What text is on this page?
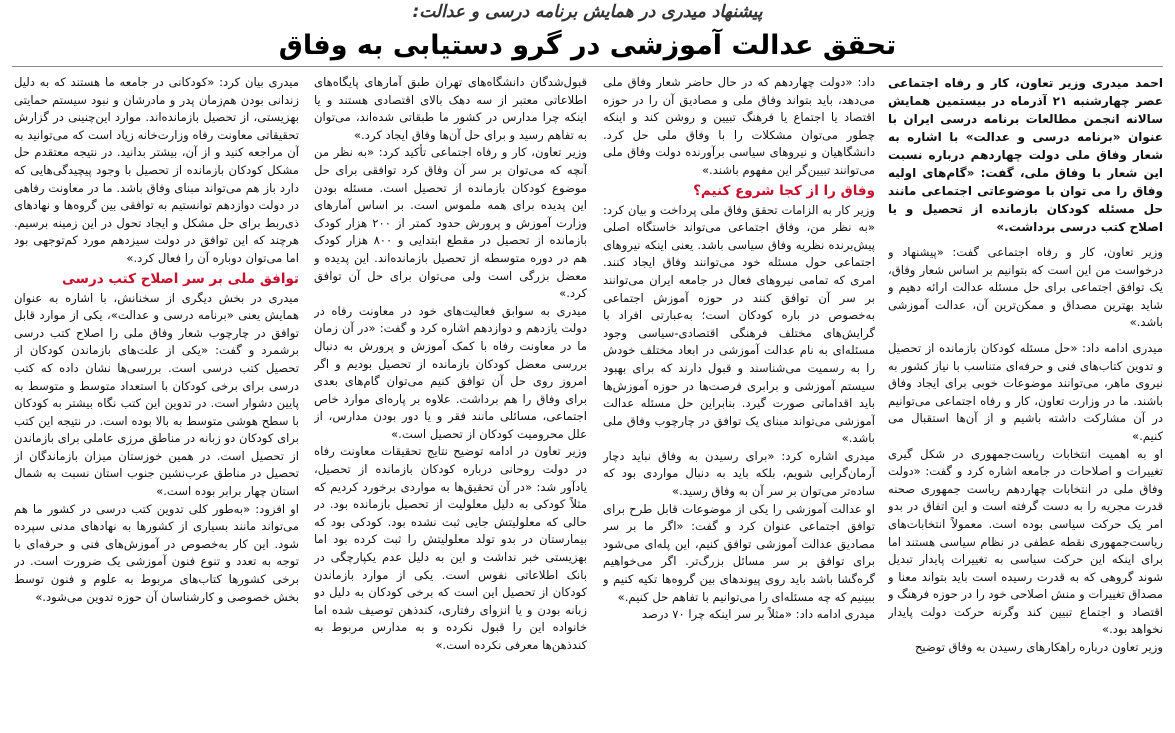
پیشنهاد میدری در همایش برنامه درسی و عدالت:
تحقق عدالت آموزشی در گرو دستیابی به وفاق

احمد میدری وزیر تعاون، کار و رفاه اجتماعی عصر چهارشنبه ۲۱ آذرماه در بیستمین همایش سالانه انجمن مطالعات برنامه درسی ایران با عنوان «برنامه درسی و عدالت» با اشاره به شعار وفاق ملی دولت چهاردهم درباره نسبت این شعار با وفاق ملی، گفت: «گام‌های اولیه وفاق را می توان با موضوعاتی اجتماعی مانند حل مسئله کودکان بازمانده از تحصیل و یا اصلاح کتب درسی برداشت.»

وزیر تعاون، کار و رفاه اجتماعی گفت: «پیشنهاد و درخواست من این است که بتوانیم بر اساس شعار وفاق، یک توافق اجتماعی برای حل مسئله عدالت ارائه دهیم و شاید بهترین مصداق و ممکن‌ترین آن، عدالت آموزشی باشد.»

میدری ادامه داد: «حل مسئله کودکان بازمانده از تحصیل و تدوین کتاب‌های فنی و حرفه‌ای متناسب با نیاز کشور به نیروی ماهر، می‌توانند موضوعات خوبی برای ایجاد وفاق باشند. ما در وزارت تعاون، کار و رفاه اجتماعی می‌توانیم در آن مشارکت داشته باشیم و از آن‌ها استقبال می کنیم.»

او به اهمیت انتخابات ریاست‌جمهوری در شکل گیری تغییرات و اصلاحات در جامعه اشاره کرد و گفت: «دولت وفاق ملی در انتخابات چهاردهم ریاست جمهوری صحنه قدرت مجریه را به دست گرفته است و این اتفاق در بدو امر یک حرکت سیاسی بوده است. معمولاً انتخابات‌های ریاست‌جمهوری نقطه عطفی در نظام سیاسی هستند اما برای اینکه این حرکت سیاسی به تغییرات پایدار تبدیل شوند گروهی که به قدرت رسیده است باید بتواند معنا و مصداق تغییرات و منش اصلاحی خود را در حوزه فرهنگ و اقتصاد و اجتماع تبیین کند وگرنه حرکت دولت پایدار نخواهد بود.»

وزیر تعاون درباره راهکارهای رسیدن به وفاق توضیح

داد: «دولت چهاردهم که در حال حاضر شعار وفاق ملی می‌دهد، باید بتواند وفاق ملی و مصادیق آن را در حوزه اقتصاد یا اجتماع یا فرهنگ تبیین و روشن کند و اینکه چطور می‌توان مشکلات را با وفاق ملی حل کرد. دانشگاهیان و نیروهای سیاسی برآورنده دولت وفاق ملی می‌توانند تبیین‌گر این مفهوم باشند.»

وفاق را از کجا شروع کنیم؟

وزیر کار به الزامات تحقق وفاق ملی پرداخت و بیان کرد: «به نظر من، وفاق اجتماعی می‌تواند خاستگاه اصلی پیش‌برنده نظریه وفاق سیاسی باشد. یعنی اینکه نیروهای اجتماعی حول مسئله خود می‌توانند وفاق ایجاد کنند. امری که تمامی نیروهای فعال در جامعه ایران می‌توانند بر سر آن توافق کنند در حوزه آموزش اجتماعی به‌خصوص در باره کودکان است؛ به‌عبارتی افراد با گرایش‌های مختلف فرهنگی اقتصادی-سیاسی وجود مسئله‌ای به نام عدالت آموزشی در ابعاد مختلف خودش را به رسمیت می‌شناسند و قبول دارند که برای بهبود سیستم آموزشی و برابری فرصت‌ها در حوزه آموزش‌ها باید اقداماتی صورت گیرد. بنابراین حل مسئله عدالت آموزشی می‌تواند مبنای یک توافق در چارچوب وفاق ملی باشد.»

میدری اشاره کرد: «برای رسیدن به وفاق نباید دچار آرمان‌گرایی شویم، بلکه باید به دنبال مواردی بود که ساده‌تر می‌توان بر سر آن به وفاق رسید.»

او عدالت آموزشی را یکی از موضوعات قابل طرح برای توافق اجتماعی عنوان کرد و گفت: «اگر ما بر سر مصادیق عدالت آموزشی توافق کنیم، این پله‌ای می‌شود برای توافق بر سر مسائل بزرگ‌تر. اگر می‌خواهیم گره‌گشا باشد باید روی پیوندهای بین گروه‌ها تکیه کنیم و ببینیم که چه مسئله‌ای را می‌توانیم با تفاهم حل کنیم.»

میدری ادامه داد: «مثلاً بر سر اینکه چرا ۷۰ درصد

قبول‌شدگان دانشگاه‌های تهران طبق آمارهای پایگاه‌های اطلاعاتی معتبر از سه دهک بالای اقتصادی هستند و یا اینکه چرا مدارس در کشور ما طبقاتی شده‌اند، می‌توان به تفاهم رسید و برای حل آن‌ها وفاق ایجاد کرد.»

وزیر تعاون، کار و رفاه اجتماعی تأکید کرد: «به نظر من آنچه که می‌توان بر سر آن وفاق کرد توافقی برای حل موضوع کودکان بازمانده از تحصیل است. مسئله بودن این پدیده برای همه ملموس است. بر اساس آمارهای وزارت آموزش و پرورش حدود کمتر از ۲۰۰ هزار کودک بازمانده از تحصیل در مقطع ابتدایی و ۸۰۰ هزار کودک هم در دوره متوسطه از تحصیل بازمانده‌اند. این پدیده و معضل بزرگی است ولی می‌توان برای حل آن توافق کرد.»

میدری به سوابق فعالیت‌های خود در معاونت رفاه در دولت یازدهم و دوازدهم اشاره کرد و گفت: «در آن زمان ما در معاونت رفاه با کمک آموزش و پرورش به دنبال بررسی معضل کودکان بازمانده از تحصیل بودیم و اگر امروز روی حل آن توافق کنیم می‌توان گام‌های بعدی برای وفاق را هم برداشت. علاوه بر پاره‌ای موارد خاص اجتماعی، مسائلی مانند فقر و یا دور بودن مدارس، از علل محرومیت کودکان از تحصیل است.»

وزیر تعاون در ادامه توضیح نتایج تحقیقات معاونت رفاه در دولت روحانی درباره کودکان بازمانده از تحصیل، یادآور شد: «در آن تحقیق‌ها به مواردی برخورد کردیم که مثلاً کودکی به دلیل معلولیت از تحصیل بازمانده بود. در حالی که معلولیتش جایی ثبت نشده بود. کودکی بود که بیمارستان در بدو تولد معلولیتش را ثبت کرده بود اما بهزیستی خبر نداشت و این به دلیل عدم یکپارچگی در بانک اطلاعاتی نفوس است. یکی از موارد بازماندن کودکان از تحصیل این است که برخی کودکان به دلیل دو زبانه بودن و یا انزوای رفتاری، کندذهن توصیف شده اما خانواده این را قبول نکرده و به مدارس مربوط به کندذهن‌ها معرفی نکرده است.»

میدری بیان کرد: «کودکانی در جامعه ما هستند که به دلیل زندانی بودن هم‌زمان پدر و مادرشان و نبود سیستم حمایتی بهزیستی، از تحصیل بازمانده‌اند. موارد این‌چنینی در گزارش تحقیقاتی معاونت رفاه وزارت‌خانه زیاد است که می‌توانید به آن مراجعه کنید و از آن، بیشتر بدانید. در نتیجه معتقدم حل مشکل کودکان بازمانده از تحصیل با وجود پیچیدگی‌هایی که دارد باز هم می‌تواند مبنای وفاق باشد. ما در معاونت رفاهی در دولت دوازدهم توانستیم به توافقی بین گروه‌ها و نهادهای ذی‌ربط برای حل مشکل و ایجاد تحول در این زمینه برسیم. هرچند که این توافق در دولت سیزدهم مورد کم‌توجهی بود اما می‌توان دوباره آن را فعال کرد.»

توافق ملی بر سر اصلاح کتب درسی

میدری در بخش دیگری از سخنانش، با اشاره به عنوان همایش یعنی «برنامه درسی و عدالت»، یکی از موارد قابل توافق در چارچوب شعار وفاق ملی را اصلاح کتب درسی برشمرد و گفت: «یکی از علت‌های بازماندن کودکان از تحصیل کتب درسی است. بررسی‌ها نشان داده که کتب درسی برای برخی کودکان با استعداد متوسط و متوسط به پایین دشوار است. در تدوین این کتب نگاه بیشتر به کودکان با سطح هوشی متوسط به بالا بوده است. در نتیجه این کتب برای کودکان دو زبانه در مناطق مرزی عاملی برای بازماندن از تحصیل است. در همین خوزستان میزان بازماندگان از تحصیل در مناطق عرب‌نشین جنوب استان نسبت به شمال استان چهار برابر بوده است.»

او افزود: «به‌طور کلی تدوین کتب درسی در کشور ما هم می‌تواند مانند بسیاری از کشورها به نهادهای مدنی سپرده شود. این کار به‌خصوص در آموزش‌های فنی و حرفه‌ای با توجه به تعدد و تنوع فنون آموزشی یک ضرورت است. در برخی کشورها کتاب‌های مربوط به علوم و فنون توسط بخش خصوصی و کارشناسان آن حوزه تدوین می‌شود.»
